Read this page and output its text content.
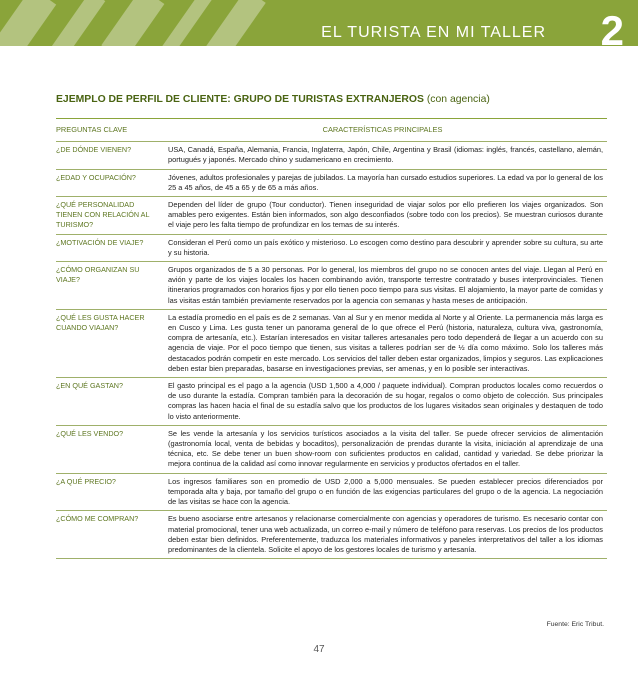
EL TURISTA EN MI TALLER 2
EJEMPLO DE PERFIL DE CLIENTE: GRUPO DE TURISTAS EXTRANJEROS (con agencia)
PREGUNTAS CLAVE	CARACTERÍSTICAS PRINCIPALES
¿DE DÓNDE VIENEN?	USA, Canadá, España, Alemania, Francia, Inglaterra, Japón, Chile, Argentina y Brasil (idiomas: inglés, francés, castellano, alemán, portugués y japonés. Mercado chino y sudamericano en crecimiento.
¿EDAD Y OCUPACIÓN?	Jóvenes, adultos profesionales y parejas de jubilados. La mayoría han cursado estudios superiores. La edad va por lo general de los 25 a 45 años, de 45 a 65 y de 65 a más años.
¿QUÉ PERSONALIDAD TIENEN CON RELACIÓN AL TURISMO?	Dependen del líder de grupo (Tour conductor). Tienen inseguridad de viajar solos por ello prefieren los viajes organizados. Son amables pero exigentes. Están bien informados, son algo desconfiados (sobre todo con los precios). Se muestran curiosos durante el viaje pero les falta tiempo de profundizar en los temas de su interés.
¿MOTIVACIÓN DE VIAJE?	Consideran el Perú como un país exótico y misterioso. Lo escogen como destino para descubrir y aprender sobre su cultura, su arte y su historia.
¿CÓMO ORGANIZAN SU VIAJE?	Grupos organizados de 5 a 30 personas. Por lo general, los miembros del grupo no se conocen antes del viaje. Llegan al Perú en avión y parte de los viajes locales los hacen combinando avión, transporte terrestre contratado y buses interprovinciales. Tienen itinerarios programados con horarios fijos y por ello tienen poco tiempo para sus visitas. El alojamiento, la mayor parte de comidas y las visitas están también previamente reservados por la agencia con semanas y hasta meses de anticipación.
¿QUÉ LES GUSTA HACER CUANDO VIAJAN?	La estadía promedio en el país es de 2 semanas. Van al Sur y en menor medida al Norte y al Oriente. La permanencia más larga es en Cusco y Lima. Les gusta tener un panorama general de lo que ofrece el Perú (historia, naturaleza, cultura viva, gastronomía, compra de artesanía, etc.). Estarían interesados en visitar talleres artesanales pero todo dependerá de llegar a un acuerdo con su agencia de viaje. Por el poco tiempo que tienen, sus visitas a talleres podrían ser de ½ día como máximo. Solo los talleres más destacados podrán competir en este mercado. Los servicios del taller deben estar organizados, limpios y seguros. Las explicaciones deben estar bien preparadas, basarse en investigaciones previas, ser amenas, y en lo posible ser interactivas.
¿EN QUÉ GASTAN?	El gasto principal es el pago a la agencia (USD 1,500 a 4,000 / paquete individual). Compran productos locales como recuerdos o de uso durante la estadía. Compran también para la decoración de su hogar, regalos o como objeto de colección. Sus principales compras las hacen hacia el final de su estadía salvo que los productos de los lugares visitados sean originales y destaquen de todo lo visto anteriormente.
¿QUÉ LES VENDO?	Se les vende la artesanía y los servicios turísticos asociados a la visita del taller. Se puede ofrecer servicios de alimentación (gastronomía local, venta de bebidas y bocaditos), personalización de prendas durante la visita, iniciación al aprendizaje de una técnica, etc. Se debe tener un buen show-room con suficientes productos en calidad, cantidad y variedad. Se debe priorizar la mejora continua de la calidad así como innovar regularmente en servicios y productos ofertados en el taller.
¿A QUÉ PRECIO?	Los ingresos familiares son en promedio de USD 2,000 a 5,000 mensuales. Se pueden establecer precios diferenciados por temporada alta y baja, por tamaño del grupo o en función de las exigencias particulares del grupo o de la agencia. La negociación de las visitas se hace con la agencia.
¿CÓMO ME COMPRAN?	Es bueno asociarse entre artesanos y relacionarse comercialmente con agencias y operadores de turismo. Es necesario contar con material promocional, tener una web actualizada, un correo e-mail y número de teléfono para reservas. Los precios de los productos deben estar bien definidos. Preferentemente, traduzca los materiales informativos y paneles interpretativos del taller a los idiomas predominantes de la clientela. Solicite el apoyo de los gestores locales de turismo y artesanía.
Fuente: Eric Tribut.
47
